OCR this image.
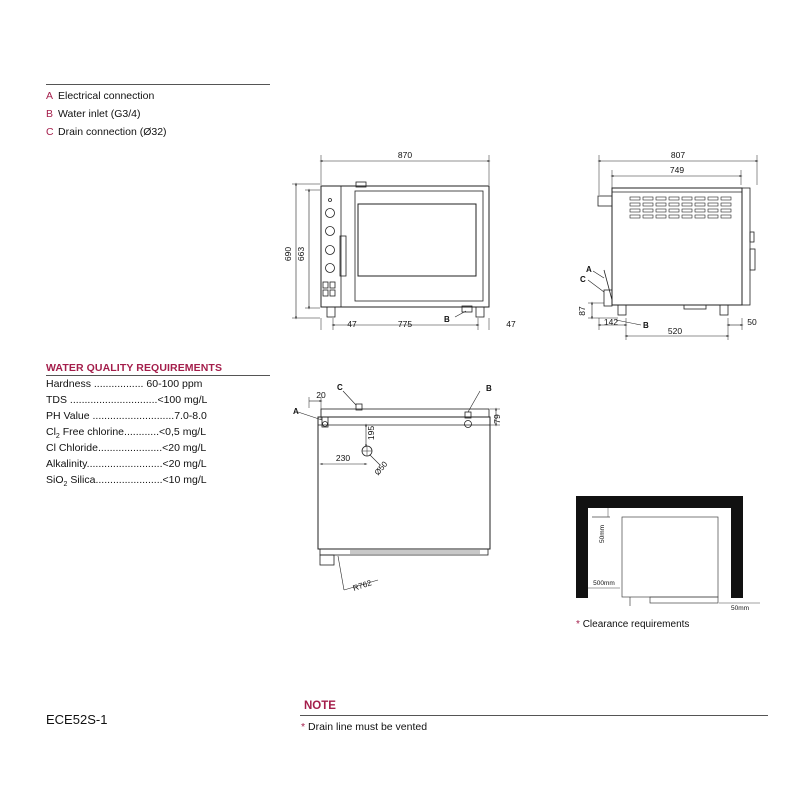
A Electrical connection
B Water inlet (G3/4)
C Drain connection (Ø32)
WATER QUALITY REQUIREMENTS
Hardness ................. 60-100 ppm
TDS ..............................<100 mg/L
PH Value ............................7.0-8.0
$Cl_2$ Free chlorine............<0,5 mg/L
Cl Chloride......................<20 mg/L
Alkalinity..........................<20 mg/L
SiO$_2$ Silica.......................<10 mg/L
870
690 663
47	775	47
B
807
749
87
142
520
50
A
C
B
20
195
230
79
Ø50
R762
A
C	B
50mm
500mm
50mm
* Clearance requirements
ECE52S-1
NOTE
* Drain line must be vented
